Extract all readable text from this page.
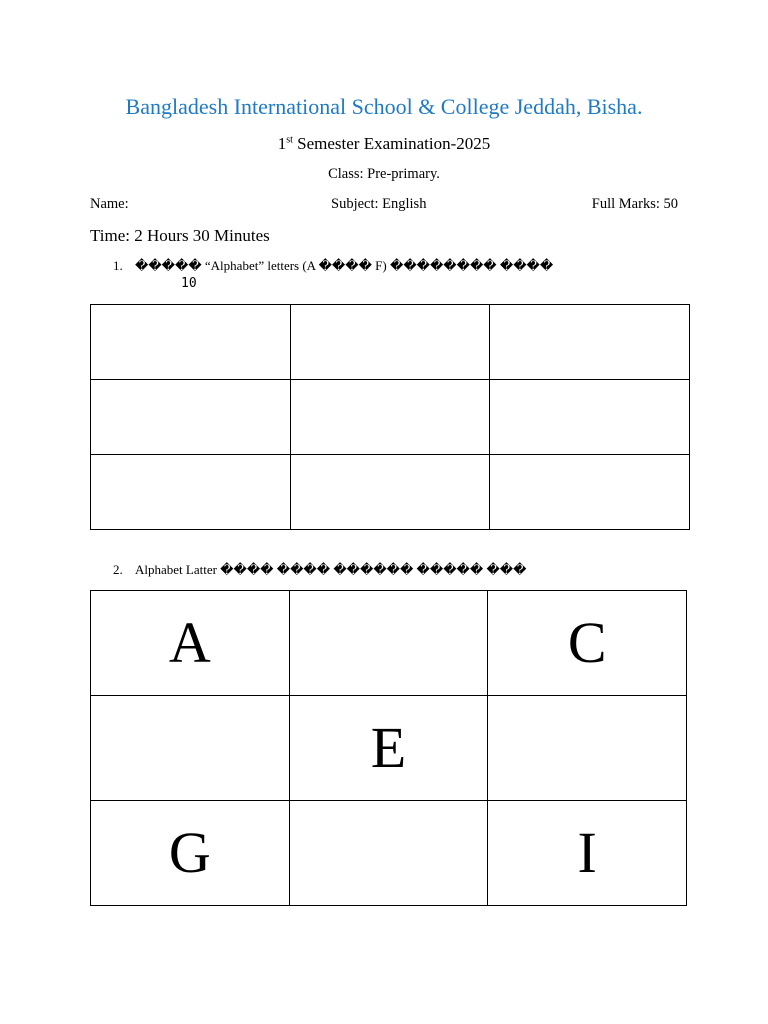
Bangladesh International School & College Jeddah, Bisha.
1st Semester Examination-2025
Class: Pre-primary.
Name:	Subject: English	Full Marks: 50
Time: 2 Hours 30 Minutes
1. ����� “Alphabet” letters (A ���� F) �������� ����
10

2. Alphabet Latter ���� ���� ������ ����� ���
A		C
	E	
G		I
